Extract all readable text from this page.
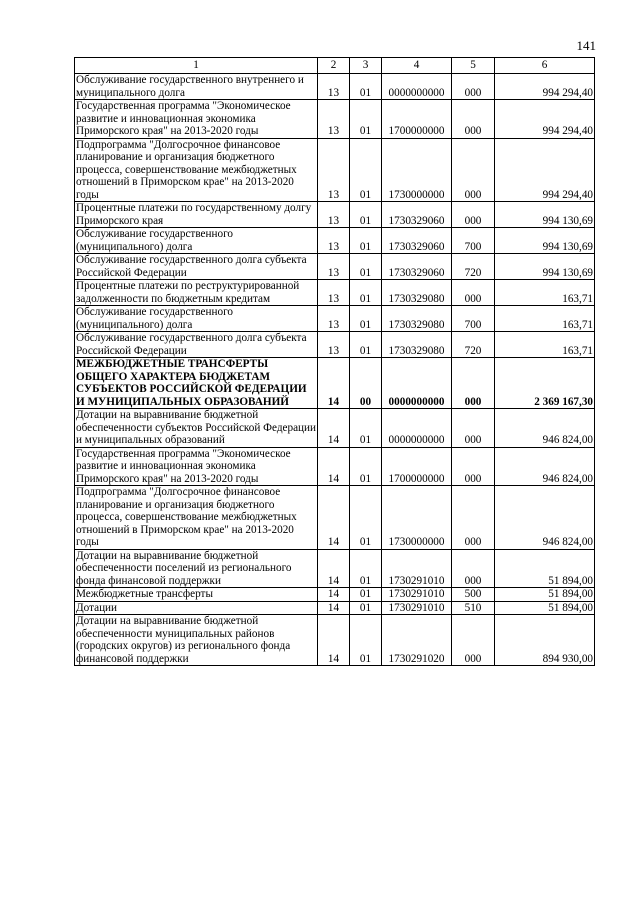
141
1	2	3	4	5	6
Обслуживание государственного внутреннего и муниципального долга	13	01	0000000000	000	994 294,40
Государственная программа "Экономическое развитие и инновационная экономика Приморского края" на 2013-2020 годы	13	01	1700000000	000	994 294,40
Подпрограмма "Долгосрочное финансовое планирование и организация бюджетного процесса, совершенствование межбюджетных отношений в Приморском крае" на 2013-2020 годы	13	01	1730000000	000	994 294,40
Процентные платежи по государственному долгу Приморского края	13	01	1730329060	000	994 130,69
Обслуживание государственного (муниципального) долга	13	01	1730329060	700	994 130,69
Обслуживание государственного долга субъекта Российской Федерации	13	01	1730329060	720	994 130,69
Процентные платежи по реструктурированной задолженности по бюджетным кредитам	13	01	1730329080	000	163,71
Обслуживание государственного (муниципального) долга	13	01	1730329080	700	163,71
Обслуживание государственного долга субъекта Российской Федерации	13	01	1730329080	720	163,71
МЕЖБЮДЖЕТНЫЕ ТРАНСФЕРТЫ ОБЩЕГО ХАРАКТЕРА БЮДЖЕТАМ СУБЪЕКТОВ РОССИЙСКОЙ ФЕДЕРАЦИИ И МУНИЦИПАЛЬНЫХ ОБРАЗОВАНИЙ	14	00	0000000000	000	2 369 167,30
Дотации на выравнивание бюджетной обеспеченности субъектов Российской Федерации и муниципальных образований	14	01	0000000000	000	946 824,00
Государственная программа "Экономическое развитие и инновационная экономика Приморского края" на 2013-2020 годы	14	01	1700000000	000	946 824,00
Подпрограмма "Долгосрочное финансовое планирование и организация бюджетного процесса, совершенствование межбюджетных отношений в Приморском крае" на 2013-2020 годы	14	01	1730000000	000	946 824,00
Дотации на выравнивание бюджетной обеспеченности поселений из регионального фонда финансовой поддержки	14	01	1730291010	000	51 894,00
Межбюджетные трансферты	14	01	1730291010	500	51 894,00
Дотации	14	01	1730291010	510	51 894,00
Дотации на выравнивание бюджетной обеспеченности муниципальных районов (городских округов) из регионального фонда финансовой поддержки	14	01	1730291020	000	894 930,00
